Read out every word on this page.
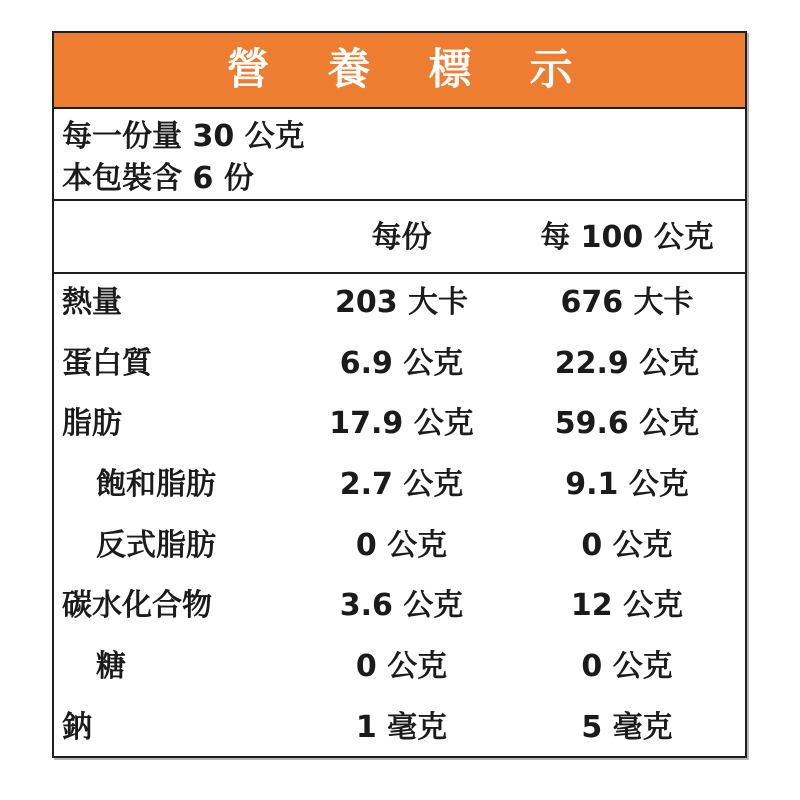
營養標示
每一份量 30 公克
本包裝含 6 份
	每份	每 100 公克
熱量	203 大卡	676 大卡
蛋白質	6.9 公克	22.9 公克
脂肪	17.9 公克	59.6 公克
飽和脂肪	2.7 公克	9.1 公克
反式脂肪	0 公克	0 公克
碳水化合物	3.6 公克	12 公克
糖	0 公克	0 公克
鈉	1 毫克	5 毫克
